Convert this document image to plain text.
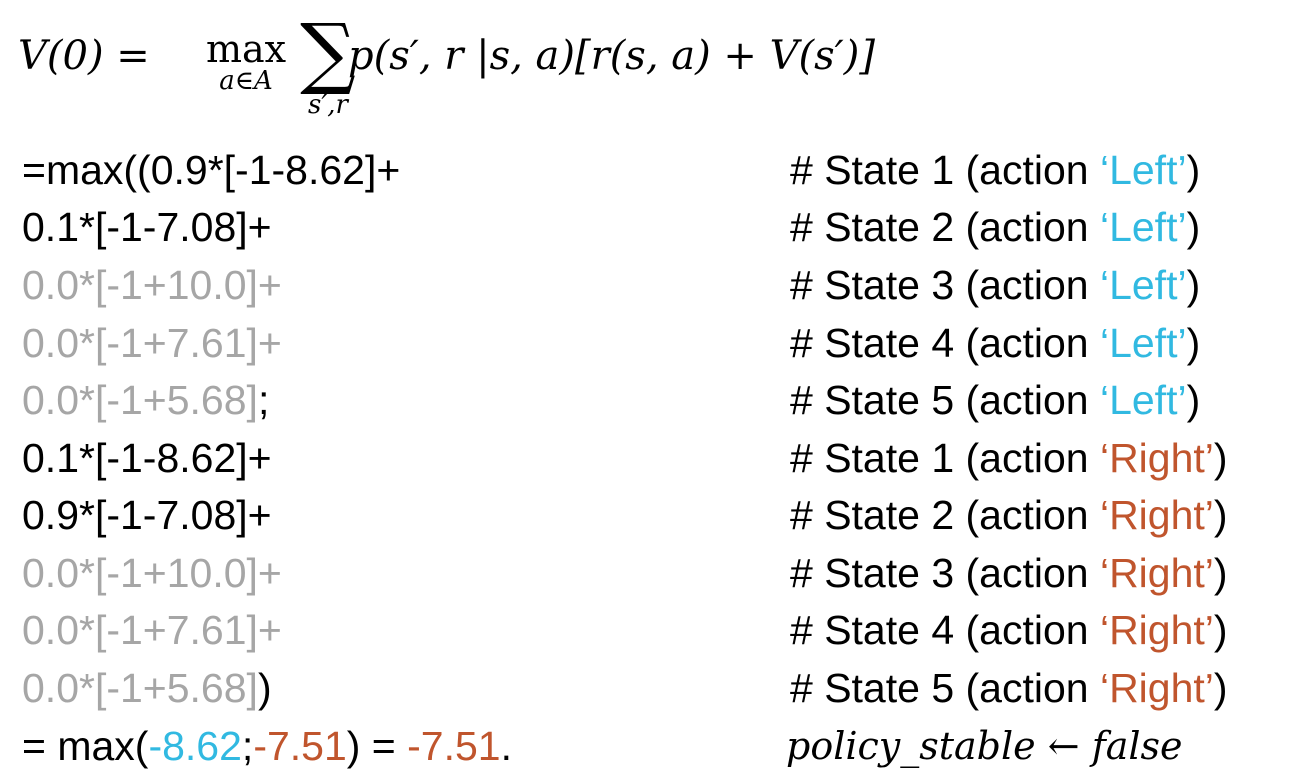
V(0) = max
a∈A ∑
s′,r
p(s′, r |s, a)[r(s, a) + V(s′)]
=max((0.9*[-1-8.62]+
0.1*[-1-7.08]+
0.0*[-1+10.0]+
0.0*[-1+7.61]+
0.0*[-1+5.68];
0.1*[-1-8.62]+
0.9*[-1-7.08]+
0.0*[-1+10.0]+
0.0*[-1+7.61]+
0.0*[-1+5.68])
= max(-8.62;-7.51) = -7.51.
# State 1 (action ‘Left’)
# State 2 (action ‘Left’)
# State 3 (action ‘Left’)
# State 4 (action ‘Left’)
# State 5 (action ‘Left’)
# State 1 (action ‘Right’)
# State 2 (action ‘Right’)
# State 3 (action ‘Right’)
# State 4 (action ‘Right’)
# State 5 (action ‘Right’)
policy_stable ← false
